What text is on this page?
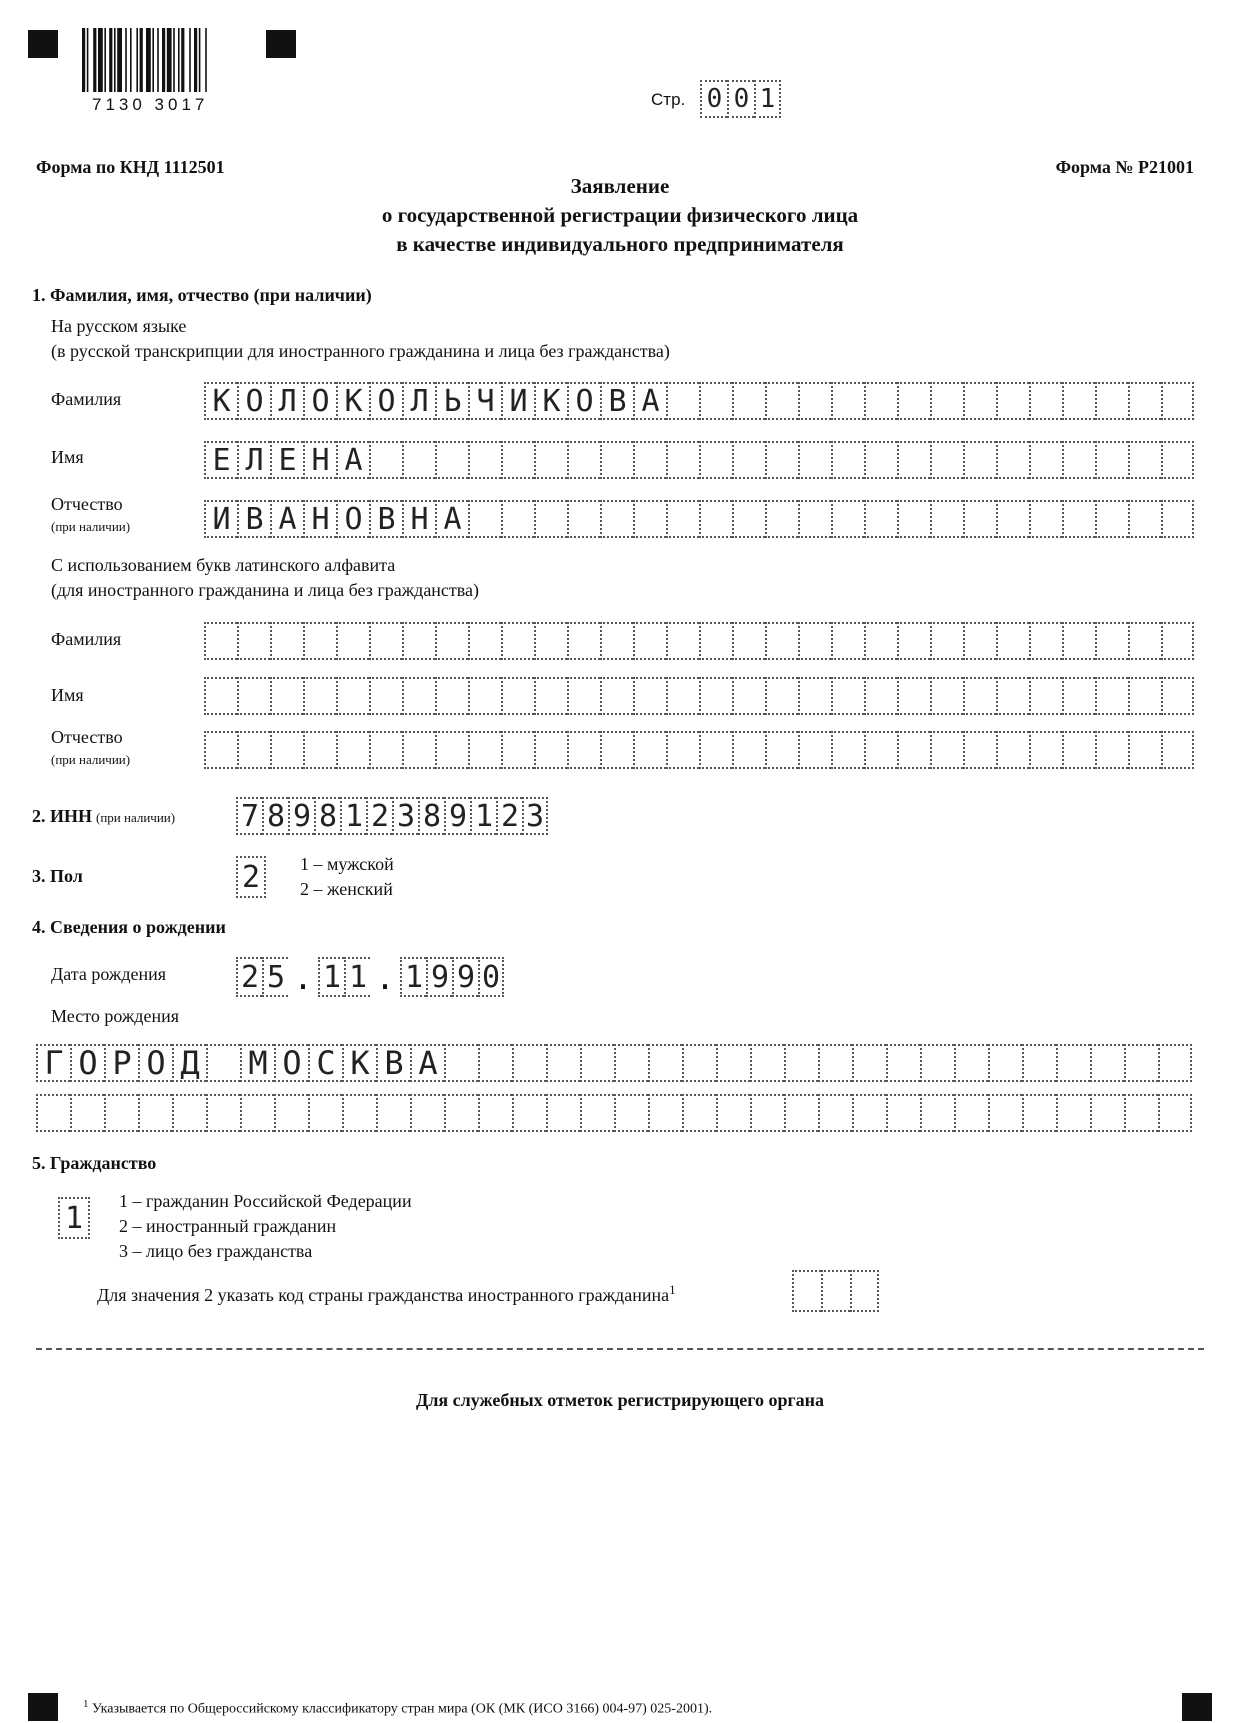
7130 3017	Стр. 0 0 1
Форма по КНД 1112501	Форма № Р21001
Заявление
о государственной регистрации физического лица
в качестве индивидуального предпринимателя
1. Фамилия, имя, отчество (при наличии)
На русском языке
(в русской транскрипции для иностранного гражданина и лица без гражданства)
Фамилия	К О Л О К О Л Ь Ч И К О В А
Имя	Е Л Е Н А
Отчество
(при наличии)	И В А Н О В Н А
С использованием букв латинского алфавита
(для иностранного гражданина и лица без гражданства)
Фамилия
Имя
Отчество
(при наличии)
2. ИНН (при наличии) 7 8 9 8 1 2 3 8 9 1 2 3
3. Пол	2	1 – мужской
2 – женский
4. Сведения о рождении
Дата рождения 2 5 . 1 1 . 1 9 9 0
Место рождения
Г О Р О Д М О С К В А
5. Гражданство
1	1 – гражданин Российской Федерации
2 – иностранный гражданин
3 – лицо без гражданства
Для значения 2 указать код страны гражданства иностранного гражданина$^1$
Для служебных отметок регистрирующего органа
$^1$ Указывается по Общероссийскому классификатору стран мира (ОК (МК (ИСО 3166) 004-97) 025-2001).
